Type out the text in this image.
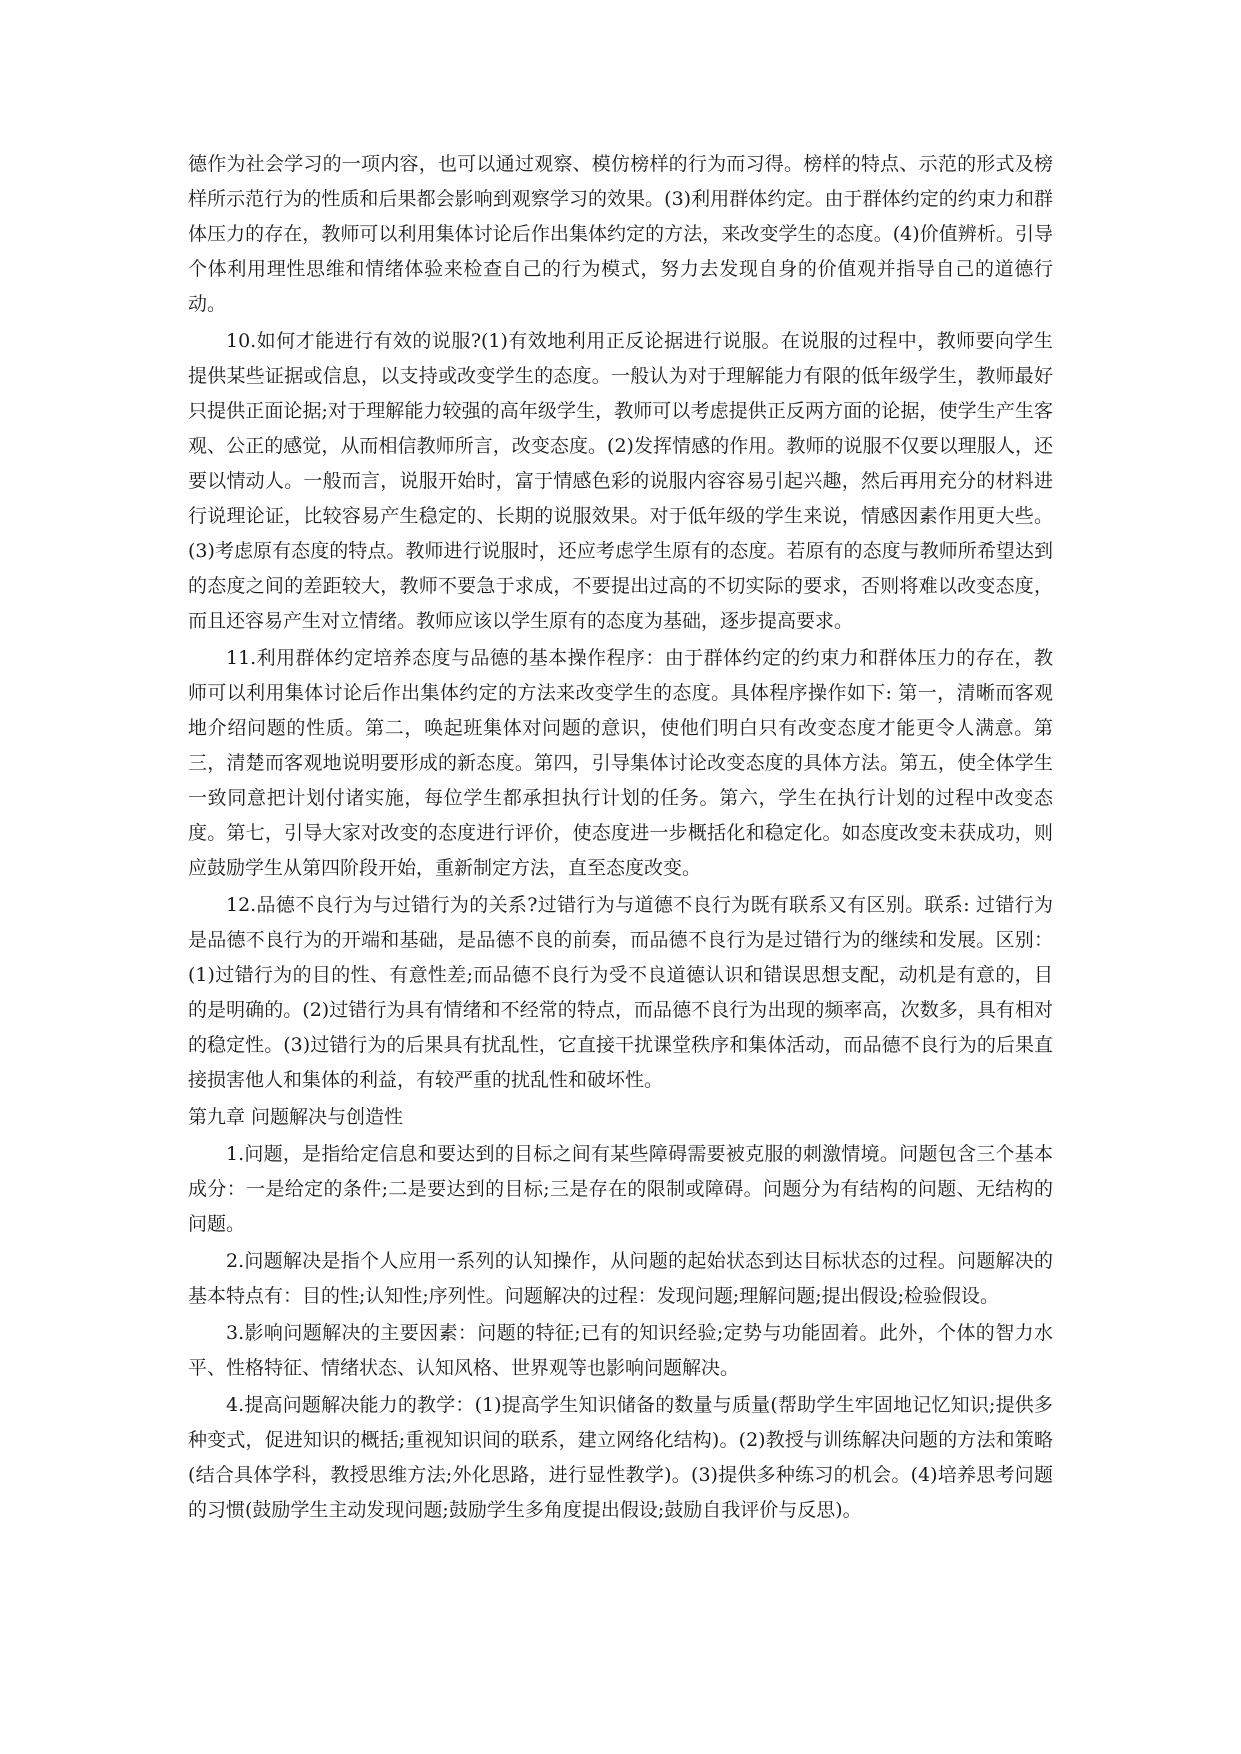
德作为社会学习的一项内容，也可以通过观察、模仿榜样的行为而习得。榜样的特点、示范的形式及榜样所示范行为的性质和后果都会影响到观察学习的效果。(3)利用群体约定。由于群体约定的约束力和群体压力的存在，教师可以利用集体讨论后作出集体约定的方法，来改变学生的态度。(4)价值辨析。引导个体利用理性思维和情绪体验来检查自己的行为模式，努力去发现自身的价值观并指导自己的道德行动。

10.如何才能进行有效的说服?(1)有效地利用正反论据进行说服。在说服的过程中，教师要向学生提供某些证据或信息，以支持或改变学生的态度。一般认为对于理解能力有限的低年级学生，教师最好只提供正面论据;对于理解能力较强的高年级学生，教师可以考虑提供正反两方面的论据，使学生产生客观、公正的感觉，从而相信教师所言，改变态度。(2)发挥情感的作用。教师的说服不仅要以理服人，还要以情动人。一般而言，说服开始时，富于情感色彩的说服内容容易引起兴趣，然后再用充分的材料进行说理论证，比较容易产生稳定的、长期的说服效果。对于低年级的学生来说，情感因素作用更大些。(3)考虑原有态度的特点。教师进行说服时，还应考虑学生原有的态度。若原有的态度与教师所希望达到的态度之间的差距较大，教师不要急于求成，不要提出过高的不切实际的要求，否则将难以改变态度，而且还容易产生对立情绪。教师应该以学生原有的态度为基础，逐步提高要求。

11.利用群体约定培养态度与品德的基本操作程序：由于群体约定的约束力和群体压力的存在，教师可以利用集体讨论后作出集体约定的方法来改变学生的态度。具体程序操作如下: 第一，清晰而客观地介绍问题的性质。第二，唤起班集体对问题的意识，使他们明白只有改变态度才能更令人满意。第三，清楚而客观地说明要形成的新态度。第四，引导集体讨论改变态度的具体方法。第五，使全体学生一致同意把计划付诸实施，每位学生都承担执行计划的任务。第六，学生在执行计划的过程中改变态度。第七，引导大家对改变的态度进行评价，使态度进一步概括化和稳定化。如态度改变未获成功，则应鼓励学生从第四阶段开始，重新制定方法，直至态度改变。

12.品德不良行为与过错行为的关系?过错行为与道德不良行为既有联系又有区别。联系: 过错行为是品德不良行为的开端和基础，是品德不良的前奏，而品德不良行为是过错行为的继续和发展。区别：(1)过错行为的目的性、有意性差;而品德不良行为受不良道德认识和错误思想支配，动机是有意的，目的是明确的。(2)过错行为具有情绪和不经常的特点，而品德不良行为出现的频率高，次数多，具有相对的稳定性。(3)过错行为的后果具有扰乱性，它直接干扰课堂秩序和集体活动，而品德不良行为的后果直接损害他人和集体的利益，有较严重的扰乱性和破坏性。

第九章 问题解决与创造性

1.问题，是指给定信息和要达到的目标之间有某些障碍需要被克服的刺激情境。问题包含三个基本成分：一是给定的条件;二是要达到的目标;三是存在的限制或障碍。问题分为有结构的问题、无结构的问题。

2.问题解决是指个人应用一系列的认知操作，从问题的起始状态到达目标状态的过程。问题解决的基本特点有：目的性;认知性;序列性。问题解决的过程：发现问题;理解问题;提出假设;检验假设。

3.影响问题解决的主要因素：问题的特征;已有的知识经验;定势与功能固着。此外，个体的智力水平、性格特征、情绪状态、认知风格、世界观等也影响问题解决。

4.提高问题解决能力的教学：(1)提高学生知识储备的数量与质量(帮助学生牢固地记忆知识;提供多种变式，促进知识的概括;重视知识间的联系，建立网络化结构)。(2)教授与训练解决问题的方法和策略(结合具体学科，教授思维方法;外化思路，进行显性教学)。(3)提供多种练习的机会。(4)培养思考问题的习惯(鼓励学生主动发现问题;鼓励学生多角度提出假设;鼓励自我评价与反思)。
